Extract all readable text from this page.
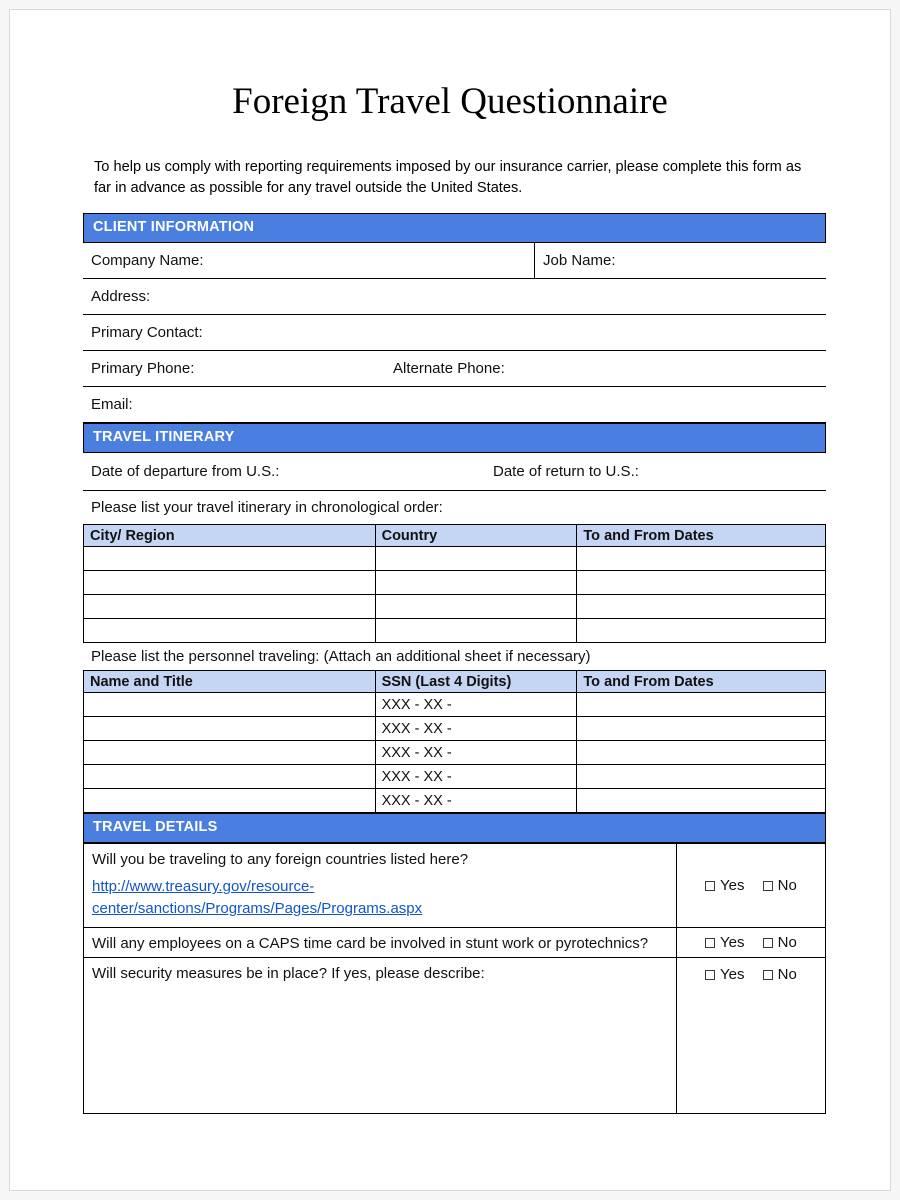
Foreign Travel Questionnaire

To help us comply with reporting requirements imposed by our insurance carrier, please complete this form as far in advance as possible for any travel outside the United States.

CLIENT INFORMATION
Company Name:	Job Name:
Address:
Primary Contact:
Primary Phone:	Alternate Phone:
Email:
TRAVEL ITINERARY
Date of departure from U.S.:	Date of return to U.S.:
Please list your travel itinerary in chronological order:
City/ Region	Country	To and From Dates

Please list the personnel traveling: (Attach an additional sheet if necessary)
Name and Title	SSN (Last 4 Digits)	To and From Dates
	XXX - XX -	
	XXX - XX -	
	XXX - XX -	
	XXX - XX -	
	XXX - XX -	
TRAVEL DETAILS
Will you be traveling to any foreign countries listed here?
http://www.treasury.gov/resource-
center/sanctions/Programs/Pages/Programs.aspx	Yes No

Will any employees on a CAPS time card be involved in stunt work or pyrotechnics?	Yes No

Will security measures be in place? If yes, please describe:	Yes No
